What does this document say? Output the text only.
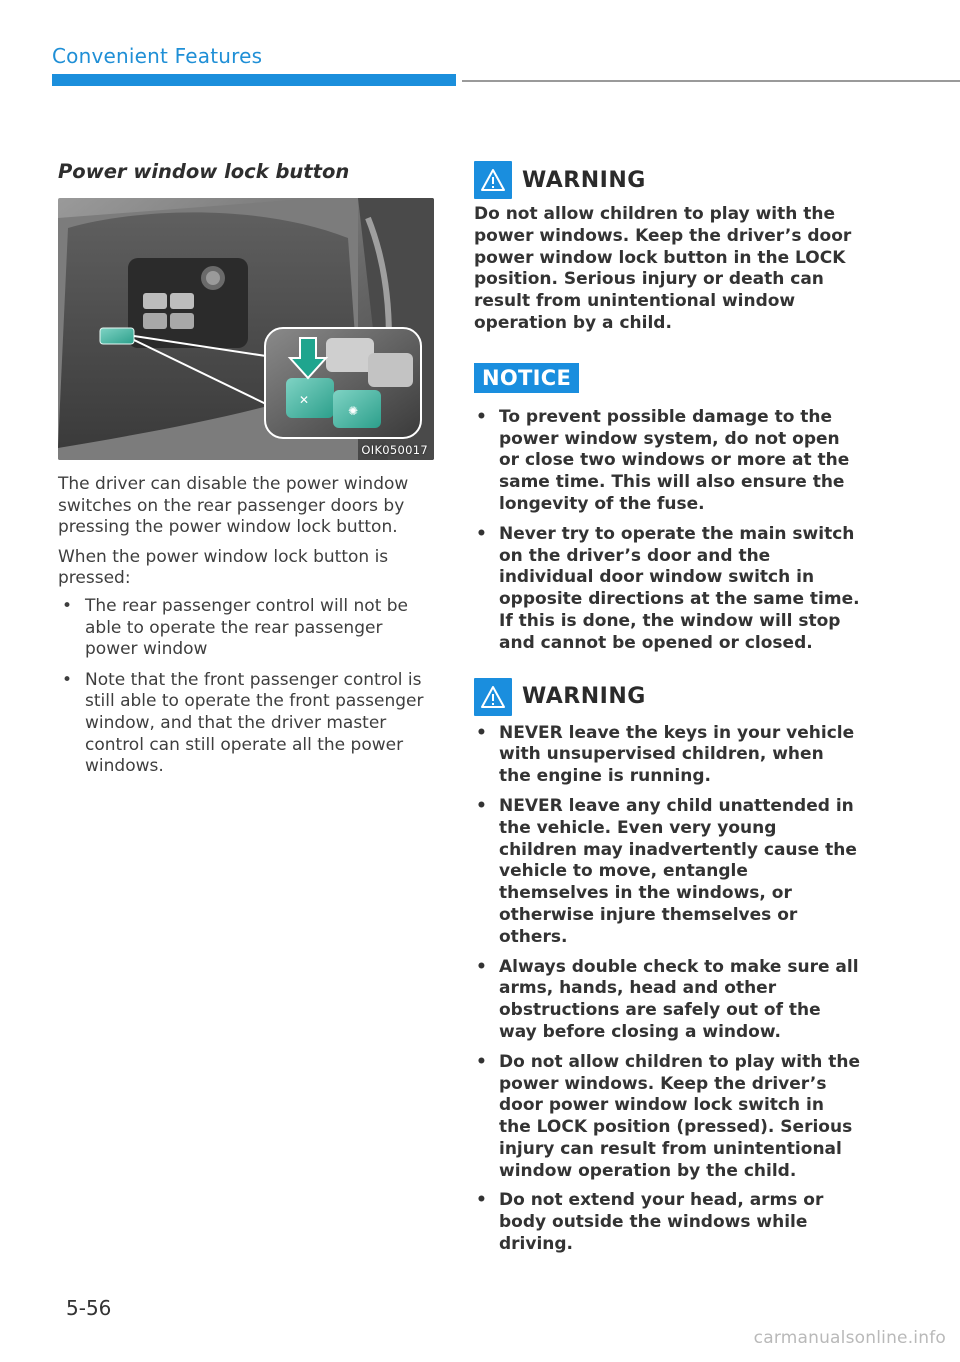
Convenient Features
Power window lock button
✕
✺
OIK050017

The driver can disable the power window switches on the rear passenger doors by pressing the power window lock button.

When the power window lock button is pressed:

• The rear passenger control will not be able to operate the rear passenger power window
• Note that the front passenger control is still able to operate the front passenger window, and that the driver master control can still operate all the power windows.
WARNING

Do not allow children to play with the power windows. Keep the driver’s door power window lock button in the LOCK position. Serious injury or death can result from unintentional window operation by a child.

NOTICE
• To prevent possible damage to the power window system, do not open or close two windows or more at the same time. This will also ensure the longevity of the fuse.
• Never try to operate the main switch on the driver’s door and the individual door window switch in opposite directions at the same time. If this is done, the window will stop and cannot be opened or closed.
WARNING
• NEVER leave the keys in your vehicle with unsupervised children, when the engine is running.
• NEVER leave any child unattended in the vehicle. Even very young children may inadvertently cause the vehicle to move, entangle themselves in the windows, or otherwise injure themselves or others.
• Always double check to make sure all arms, hands, head and other obstructions are safely out of the way before closing a window.
• Do not allow children to play with the power windows. Keep the driver’s door power window lock switch in the LOCK position (pressed). Serious injury can result from unintentional window operation by the child.
• Do not extend your head, arms or body outside the windows while driving.
5-56
carmanualsonline.info
